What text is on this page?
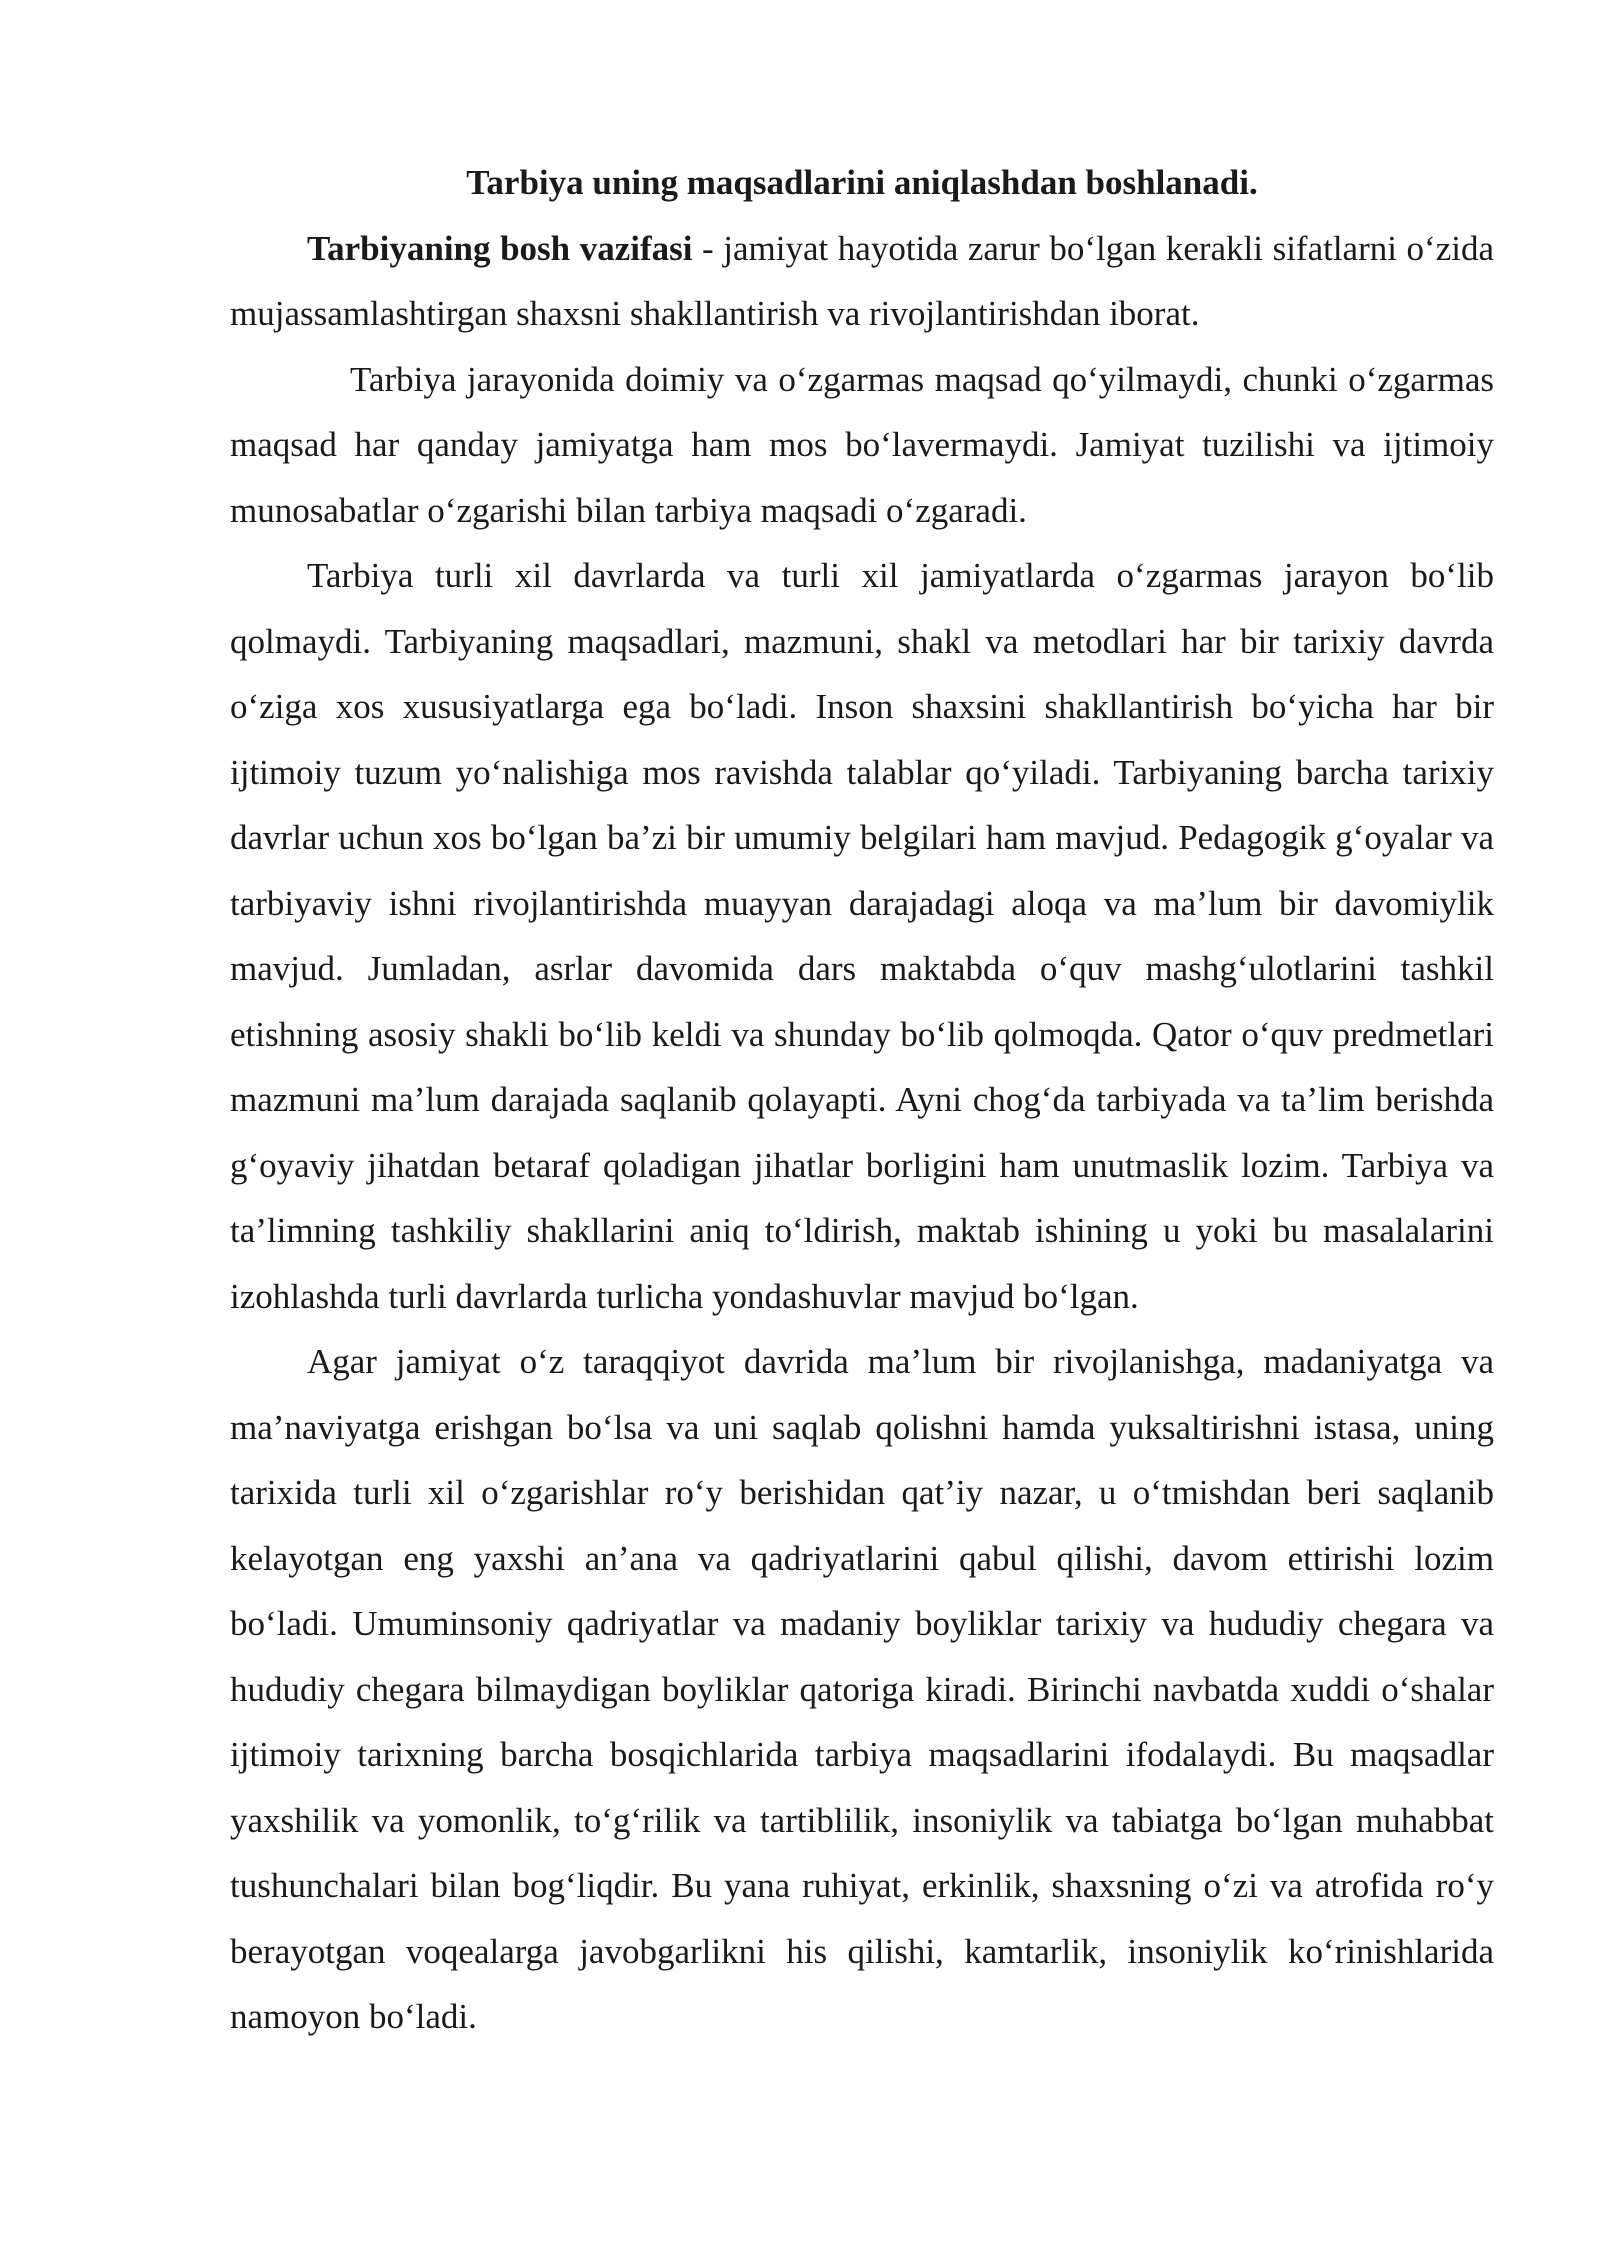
Tarbiya uning maqsadlarini aniqlashdan boshlanadi.

Tarbiyaning bosh vazifasi - jamiyat hayotida zarur bo‘lgan kerakli sifatlarni o‘zida mujassamlashtirgan shaxsni shakllantirish va rivojlantirishdan iborat.

Tarbiya jarayonida doimiy va o‘zgarmas maqsad qo‘yilmaydi, chunki o‘zgarmas maqsad har qanday jamiyatga ham mos bo‘lavermaydi. Jamiyat tuzilishi va ijtimoiy munosabatlar o‘zgarishi bilan tarbiya maqsadi o‘zgaradi.

Tarbiya turli xil davrlarda va turli xil jamiyatlarda o‘zgarmas jarayon bo‘lib qolmaydi. Tarbiyaning maqsadlari, mazmuni, shakl va metodlari har bir tarixiy davrda o‘ziga xos xususiyatlarga ega bo‘ladi. Inson shaxsini shakllantirish bo‘yicha har bir ijtimoiy tuzum yo‘nalishiga mos ravishda talablar qo‘yiladi. Tarbiyaning barcha tarixiy davrlar uchun xos bo‘lgan ba’zi bir umumiy belgilari ham mavjud. Pedagogik g‘oyalar va tarbiyaviy ishni rivojlantirishda muayyan darajadagi aloqa va ma’lum bir davomiylik mavjud. Jumladan, asrlar davomida dars maktabda o‘quv mashg‘ulotlarini tashkil etishning asosiy shakli bo‘lib keldi va shunday bo‘lib qolmoqda. Qator o‘quv predmetlari mazmuni ma’lum darajada saqlanib qolayapti. Ayni chog‘da tarbiyada va ta’lim berishda g‘oyaviy jihatdan betaraf qoladigan jihatlar borligini ham unutmaslik lozim. Tarbiya va ta’limning tashkiliy shakllarini aniq to‘ldirish, maktab ishining u yoki bu masalalarini izohlashda turli davrlarda turlicha yondashuvlar mavjud bo‘lgan.

Agar jamiyat o‘z taraqqiyot davrida ma’lum bir rivojlanishga, madaniyatga va ma’naviyatga erishgan bo‘lsa va uni saqlab qolishni hamda yuksaltirishni istasa, uning tarixida turli xil o‘zgarishlar ro‘y berishidan qat’iy nazar, u o‘tmishdan beri saqlanib kelayotgan eng yaxshi an’ana va qadriyatlarini qabul qilishi, davom ettirishi lozim bo‘ladi. Umuminsoniy qadriyatlar va madaniy boyliklar tarixiy va hududiy chegara va hududiy chegara bilmaydigan boyliklar qatoriga kiradi. Birinchi navbatda xuddi o‘shalar ijtimoiy tarixning barcha bosqichlarida tarbiya maqsadlarini ifodalaydi. Bu maqsadlar yaxshilik va yomonlik, to‘g‘rilik va tartiblilik, insoniylik va tabiatga bo‘lgan muhabbat tushunchalari bilan bog‘liqdir. Bu yana ruhiyat, erkinlik, shaxsning o‘zi va atrofida ro‘y berayotgan voqealarga javobgarlikni his qilishi, kamtarlik, insoniylik ko‘rinishlarida namoyon bo‘ladi.
